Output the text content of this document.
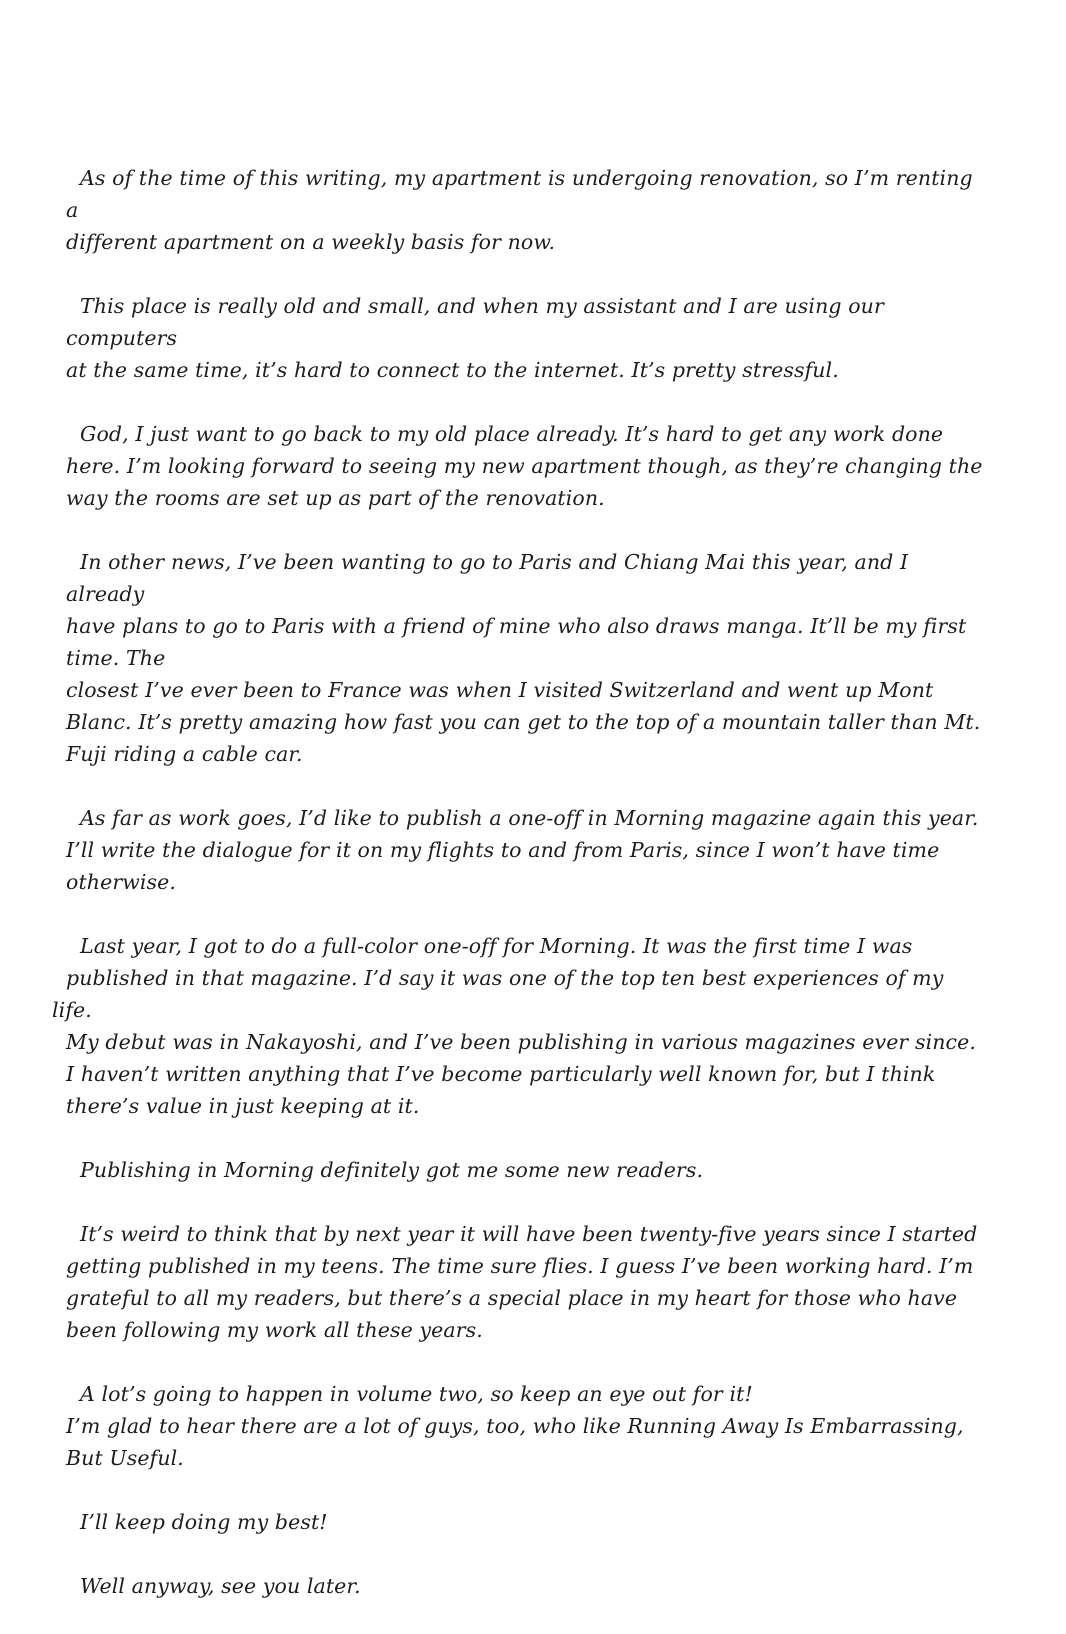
As of the time of this writing, my apartment is undergoing renovation, so I’m renting a
different apartment on a weekly basis for now.

This place is really old and small, and when my assistant and I are using our computers
at the same time, it’s hard to connect to the internet. It’s pretty stressful.

God, I just want to go back to my old place already. It’s hard to get any work done
here. I’m looking forward to seeing my new apartment though, as they’re changing the
way the rooms are set up as part of the renovation.

In other news, I’ve been wanting to go to Paris and Chiang Mai this year, and I already
have plans to go to Paris with a friend of mine who also draws manga. It’ll be my first
time. The
closest I’ve ever been to France was when I visited Switzerland and went up Mont
Blanc. It’s pretty amazing how fast you can get to the top of a mountain taller than Mt.
Fuji riding a cable car.

As far as work goes, I’d like to publish a one-off in Morning magazine again this year.
I’ll write the dialogue for it on my flights to and from Paris, since I won’t have time
otherwise.

Last year, I got to do a full-color one-off for Morning. It was the first time I was
published in that magazine. I’d say it was one of the top ten best experiences of my life.
My debut was in Nakayoshi, and I’ve been publishing in various magazines ever since.
I haven’t written anything that I’ve become particularly well known for, but I think
there’s value in just keeping at it.

Publishing in Morning definitely got me some new readers.

It’s weird to think that by next year it will have been twenty-five years since I started
getting published in my teens. The time sure flies. I guess I’ve been working hard. I’m
grateful to all my readers, but there’s a special place in my heart for those who have
been following my work all these years.

A lot’s going to happen in volume two, so keep an eye out for it!
I’m glad to hear there are a lot of guys, too, who like Running Away Is Embarrassing,
But Useful.

I’ll keep doing my best!

Well anyway, see you later.
